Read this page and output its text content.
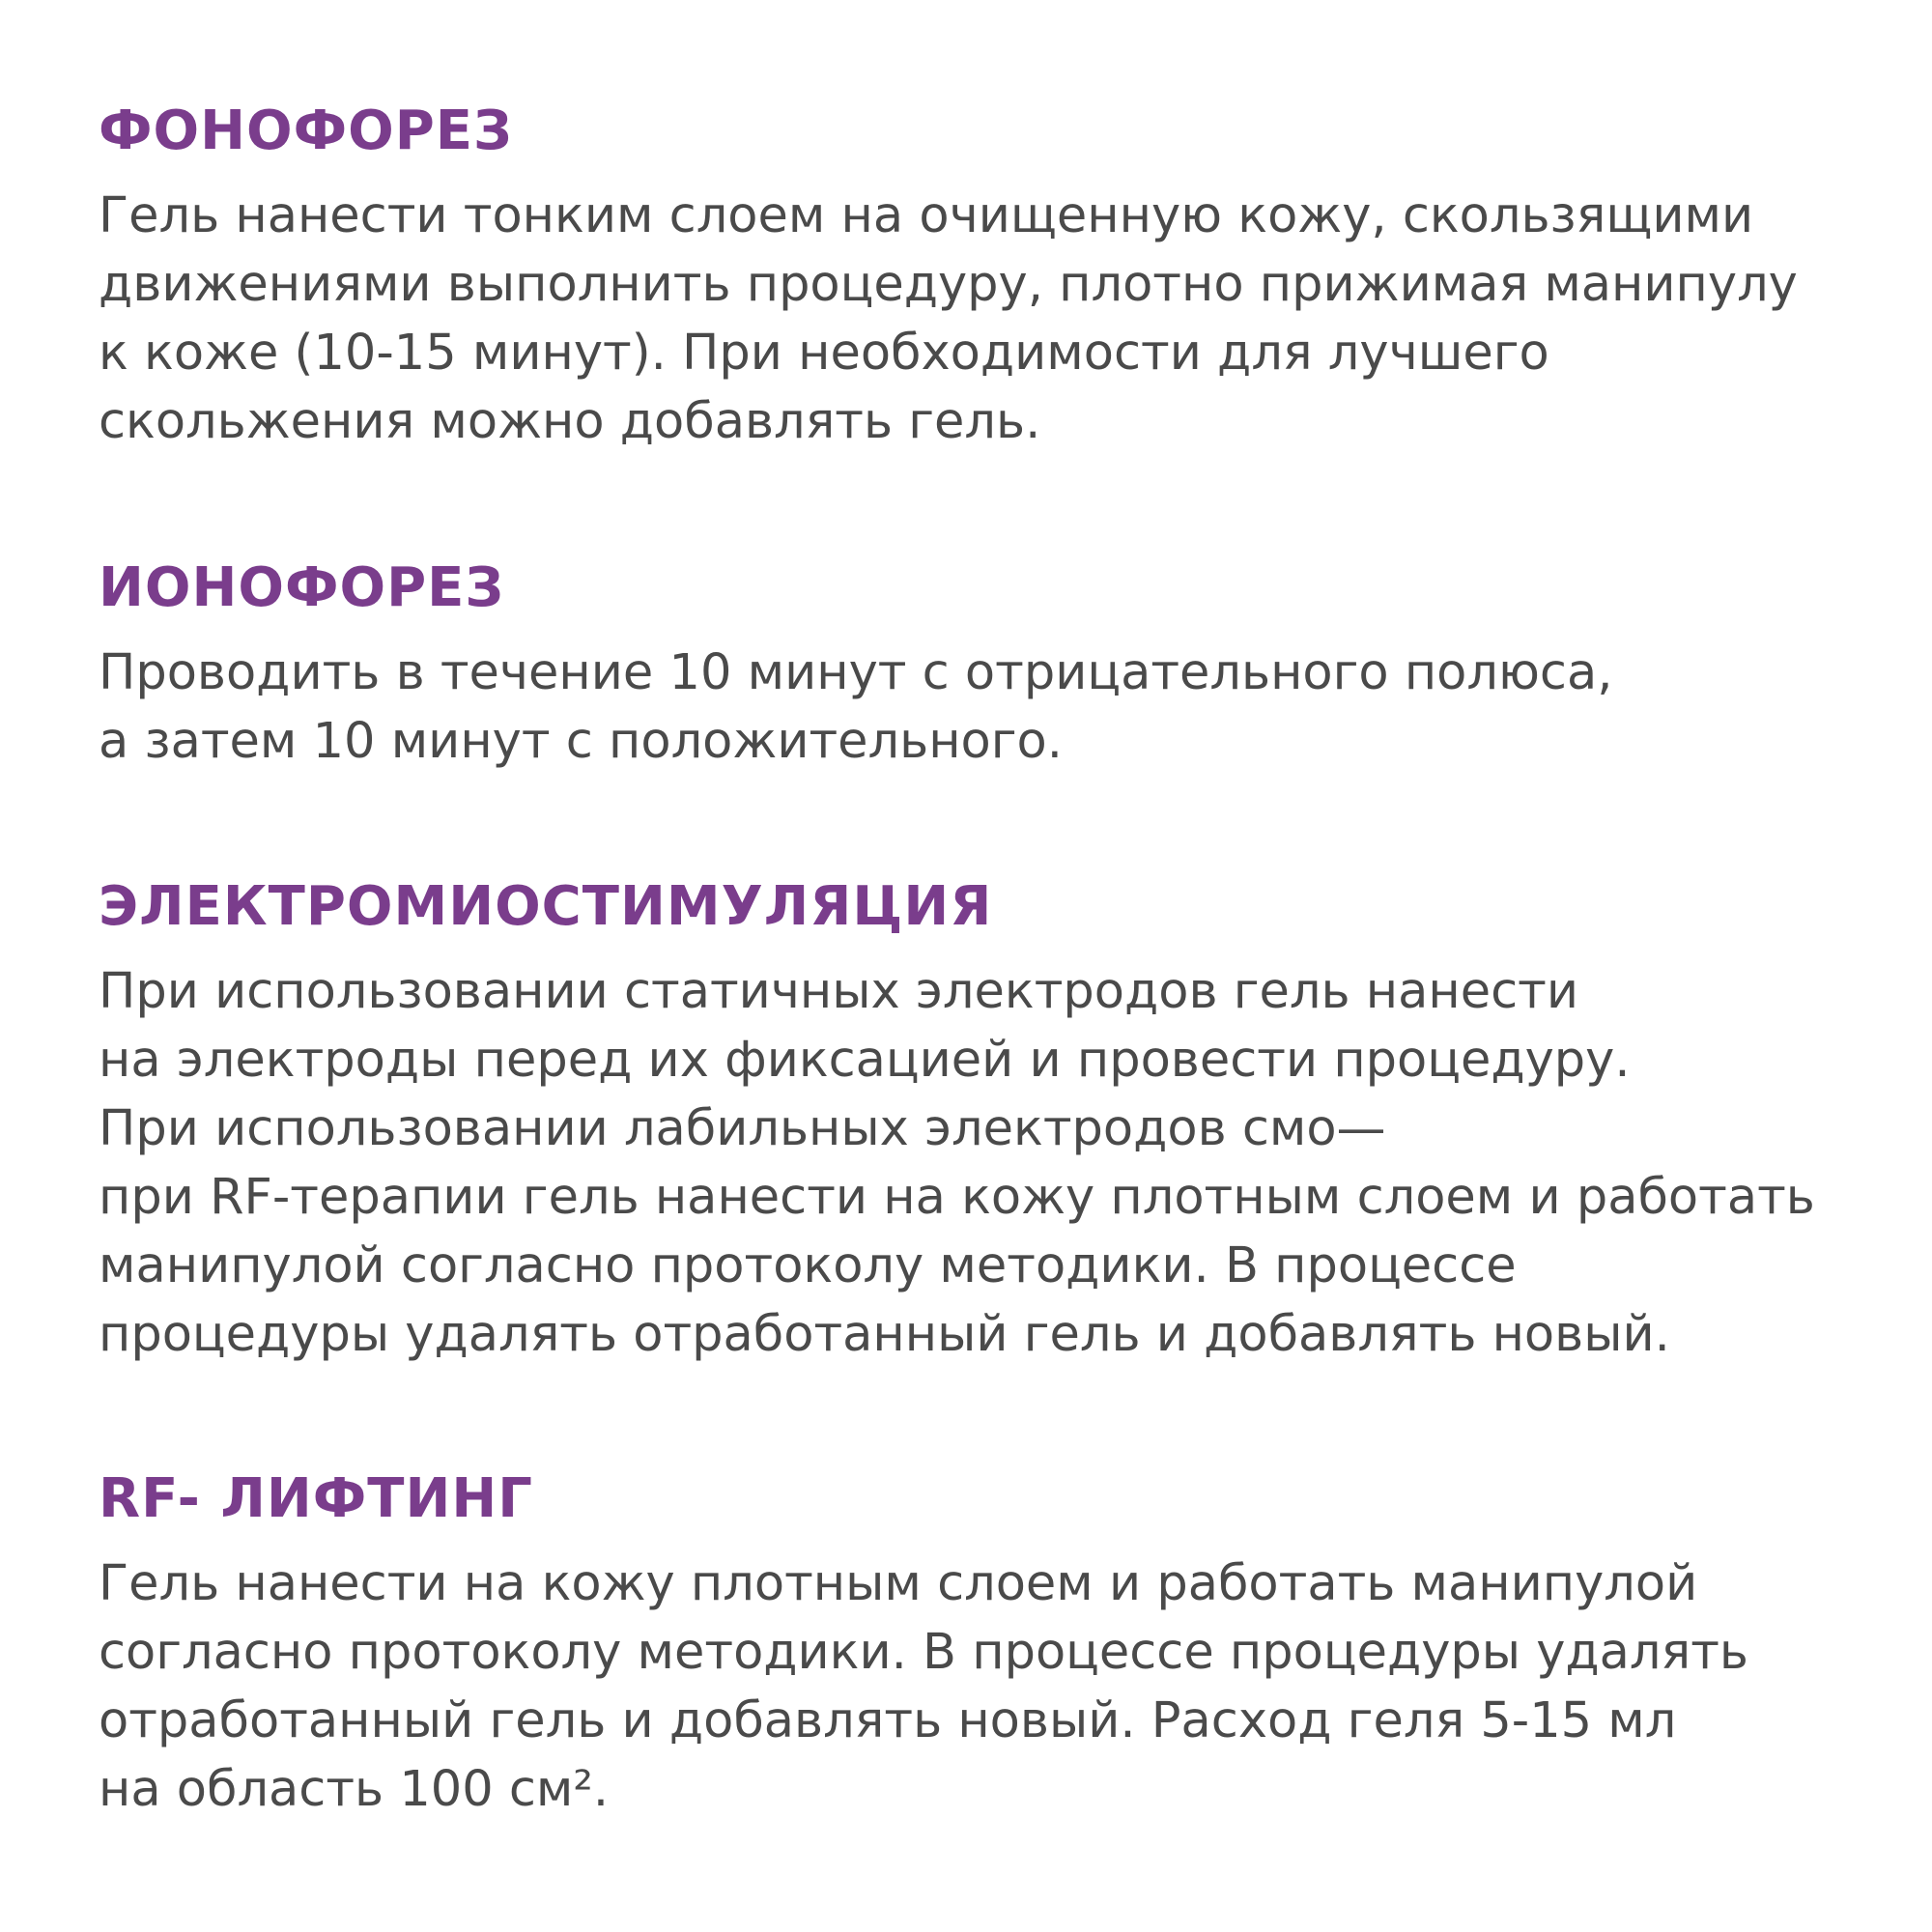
ФОНОФОРЕЗ
Гель нанести тонким слоем на очищенную кожу, скользящими
движениями выполнить процедуру, плотно прижимая манипулу
к коже (10-15 минут). При необходимости для лучшего
скольжения можно добавлять гель.
ИОНОФОРЕЗ
Проводить в течение 10 минут с отрицательного полюса,
а затем 10 минут с положительного.
ЭЛЕКТРОМИОСТИМУЛЯЦИЯ
При использовании статичных электродов гель нанести
на электроды перед их фиксацией и провести процедуру.
При использовании лабильных электродов смо—
при RF-терапии гель нанести на кожу плотным слоем и работать
манипулой согласно протоколу методики. В процессе
процедуры удалять отработанный гель и добавлять новый.
RF- ЛИФТИНГ
Гель нанести на кожу плотным слоем и работать манипулой
согласно протоколу методики. В процессе процедуры удалять
отработанный гель и добавлять новый. Расход геля 5-15 мл
на область 100 см².
